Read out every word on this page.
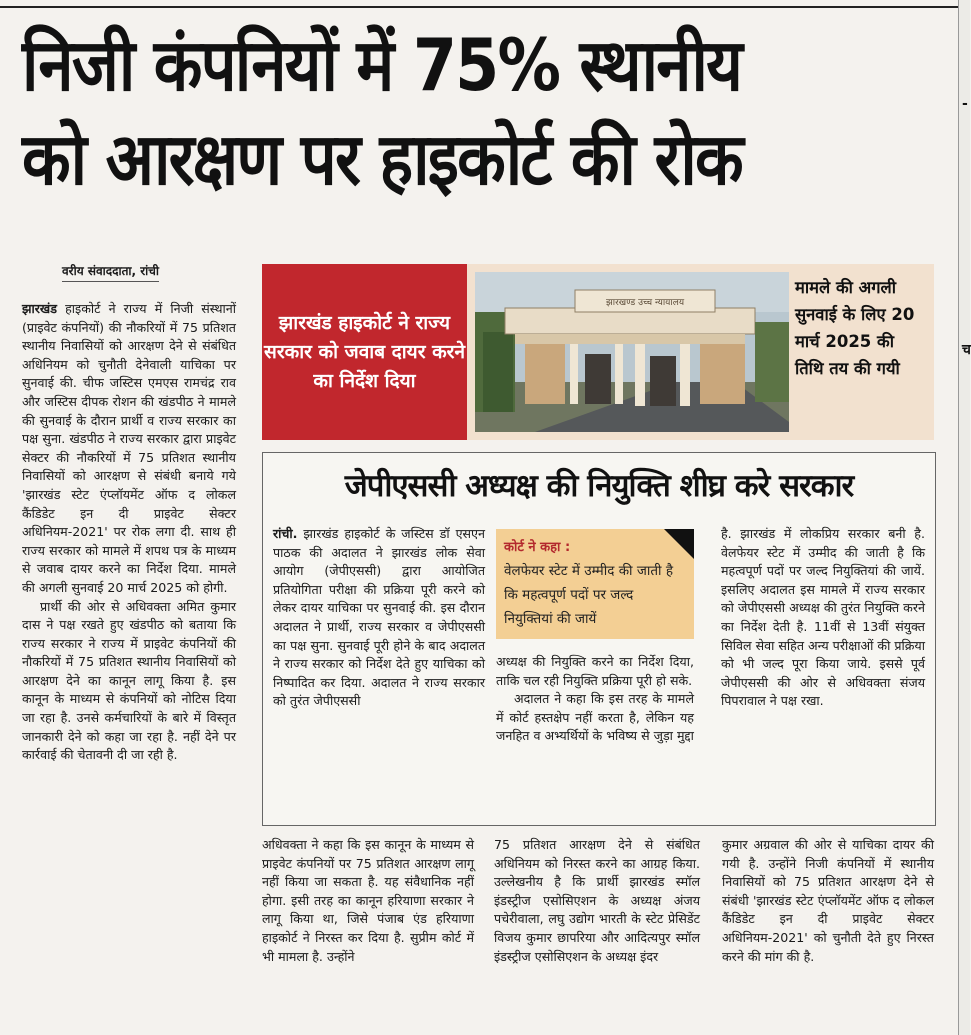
निजी कंपनियों में 75% स्थानीय
को आरक्षण पर हाइकोर्ट की रोक
-
च
वरीय संवाददाता, रांची

झारखंड हाइकोर्ट ने राज्य में निजी संस्थानों (प्राइवेट कंपनियों) की नौकरियों में 75 प्रतिशत स्थानीय निवासियों को आरक्षण देने से संबंधित अधिनियम को चुनौती देनेवाली याचिका पर सुनवाई की. चीफ जस्टिस एमएस रामचंद्र राव और जस्टिस दीपक रोशन की खंडपीठ ने मामले की सुनवाई के दौरान प्रार्थी व राज्य सरकार का पक्ष सुना. खंडपीठ ने राज्य सरकार द्वारा प्राइवेट सेक्टर की नौकरियों में 75 प्रतिशत स्थानीय निवासियों को आरक्षण से संबंधी बनाये गये 'झारखंड स्टेट एंप्लॉयमेंट ऑफ द लोकल कैंडिडेट इन दी प्राइवेट सेक्टर अधिनियम-2021' पर रोक लगा दी. साथ ही राज्य सरकार को मामले में शपथ पत्र के माध्यम से जवाब दायर करने का निर्देश दिया. मामले की अगली सुनवाई 20 मार्च 2025 को होगी.

प्रार्थी की ओर से अधिवक्ता अमित कुमार दास ने पक्ष रखते हुए खंडपीठ को बताया कि राज्य सरकार ने राज्य में प्राइवेट कंपनियों की नौकरियों में 75 प्रतिशत स्थानीय निवासियों को आरक्षण देने का कानून लागू किया है. इस कानून के माध्यम से कंपनियों को नोटिस दिया जा रहा है. उनसे कर्मचारियों के बारे में विस्तृत जानकारी देने को कहा जा रहा है. नहीं देने पर कार्रवाई की चेतावनी दी जा रही है.

झारखंड हाइकोर्ट ने राज्य सरकार को जवाब दायर करने का निर्देश दिया
झारखण्ड उच्च न्यायालय
मामले की अगली सुनवाई के लिए 20 मार्च 2025 की तिथि तय की गयी
जेपीएससी अध्यक्ष की नियुक्ति शीघ्र करे सरकार

रांची. झारखंड हाइकोर्ट के जस्टिस डॉ एसएन पाठक की अदालत ने झारखंड लोक सेवा आयोग (जेपीएससी) द्वारा आयोजित प्रतियोगिता परीक्षा की प्रक्रिया पूरी करने को लेकर दायर याचिका पर सुनवाई की. इस दौरान अदालत ने प्रार्थी, राज्य सरकार व जेपीएससी का पक्ष सुना. सुनवाई पूरी होने के बाद अदालत ने राज्य सरकार को निर्देश देते हुए याचिका को निष्पादित कर दिया. अदालत ने राज्य सरकार को तुरंत जेपीएससी

कोर्ट ने कहा :
वेलफेयर स्टेट में उम्मीद की जाती है कि महत्वपूर्ण पदों पर जल्द नियुक्तियां की जायें

अध्यक्ष की नियुक्ति करने का निर्देश दिया, ताकि चल रही नियुक्ति प्रक्रिया पूरी हो सके.

अदालत ने कहा कि इस तरह के मामले में कोर्ट हस्तक्षेप नहीं करता है, लेकिन यह जनहित व अभ्यर्थियों के भविष्य से जुड़ा मुद्दा

है. झारखंड में लोकप्रिय सरकार बनी है. वेलफेयर स्टेट में उम्मीद की जाती है कि महत्वपूर्ण पदों पर जल्द नियुक्तियां की जायें. इसलिए अदालत इस मामले में राज्य सरकार को जेपीएससी अध्यक्ष की तुरंत नियुक्ति करने का निर्देश देती है. 11वीं से 13वीं संयुक्त सिविल सेवा सहित अन्य परीक्षाओं की प्रक्रिया को भी जल्द पूरा किया जाये. इससे पूर्व जेपीएससी की ओर से अधिवक्ता संजय पिपरावाल ने पक्ष रखा.

अधिवक्ता ने कहा कि इस कानून के माध्यम से प्राइवेट कंपनियों पर 75 प्रतिशत आरक्षण लागू नहीं किया जा सकता है. यह संवैधानिक नहीं होगा. इसी तरह का कानून हरियाणा सरकार ने लागू किया था, जिसे पंजाब एंड हरियाणा हाइकोर्ट ने निरस्त कर दिया है. सुप्रीम कोर्ट में भी मामला है. उन्होंने

75 प्रतिशत आरक्षण देने से संबंधित अधिनियम को निरस्त करने का आग्रह किया. उल्लेखनीय है कि प्रार्थी झारखंड स्मॉल इंडस्ट्रीज एसोसिएशन के अध्यक्ष अंजय पचेरीवाला, लघु उद्योग भारती के स्टेट प्रेसिडेंट विजय कुमार छापरिया और आदित्यपुर स्मॉल इंडस्ट्रीज एसोसिएशन के अध्यक्ष इंदर

कुमार अग्रवाल की ओर से याचिका दायर की गयी है. उन्होंने निजी कंपनियों में स्थानीय निवासियों को 75 प्रतिशत आरक्षण देने से संबंधी 'झारखंड स्टेट एंप्लॉयमेंट ऑफ द लोकल कैंडिडेट इन दी प्राइवेट सेक्टर अधिनियम-2021' को चुनौती देते हुए निरस्त करने की मांग की है.
